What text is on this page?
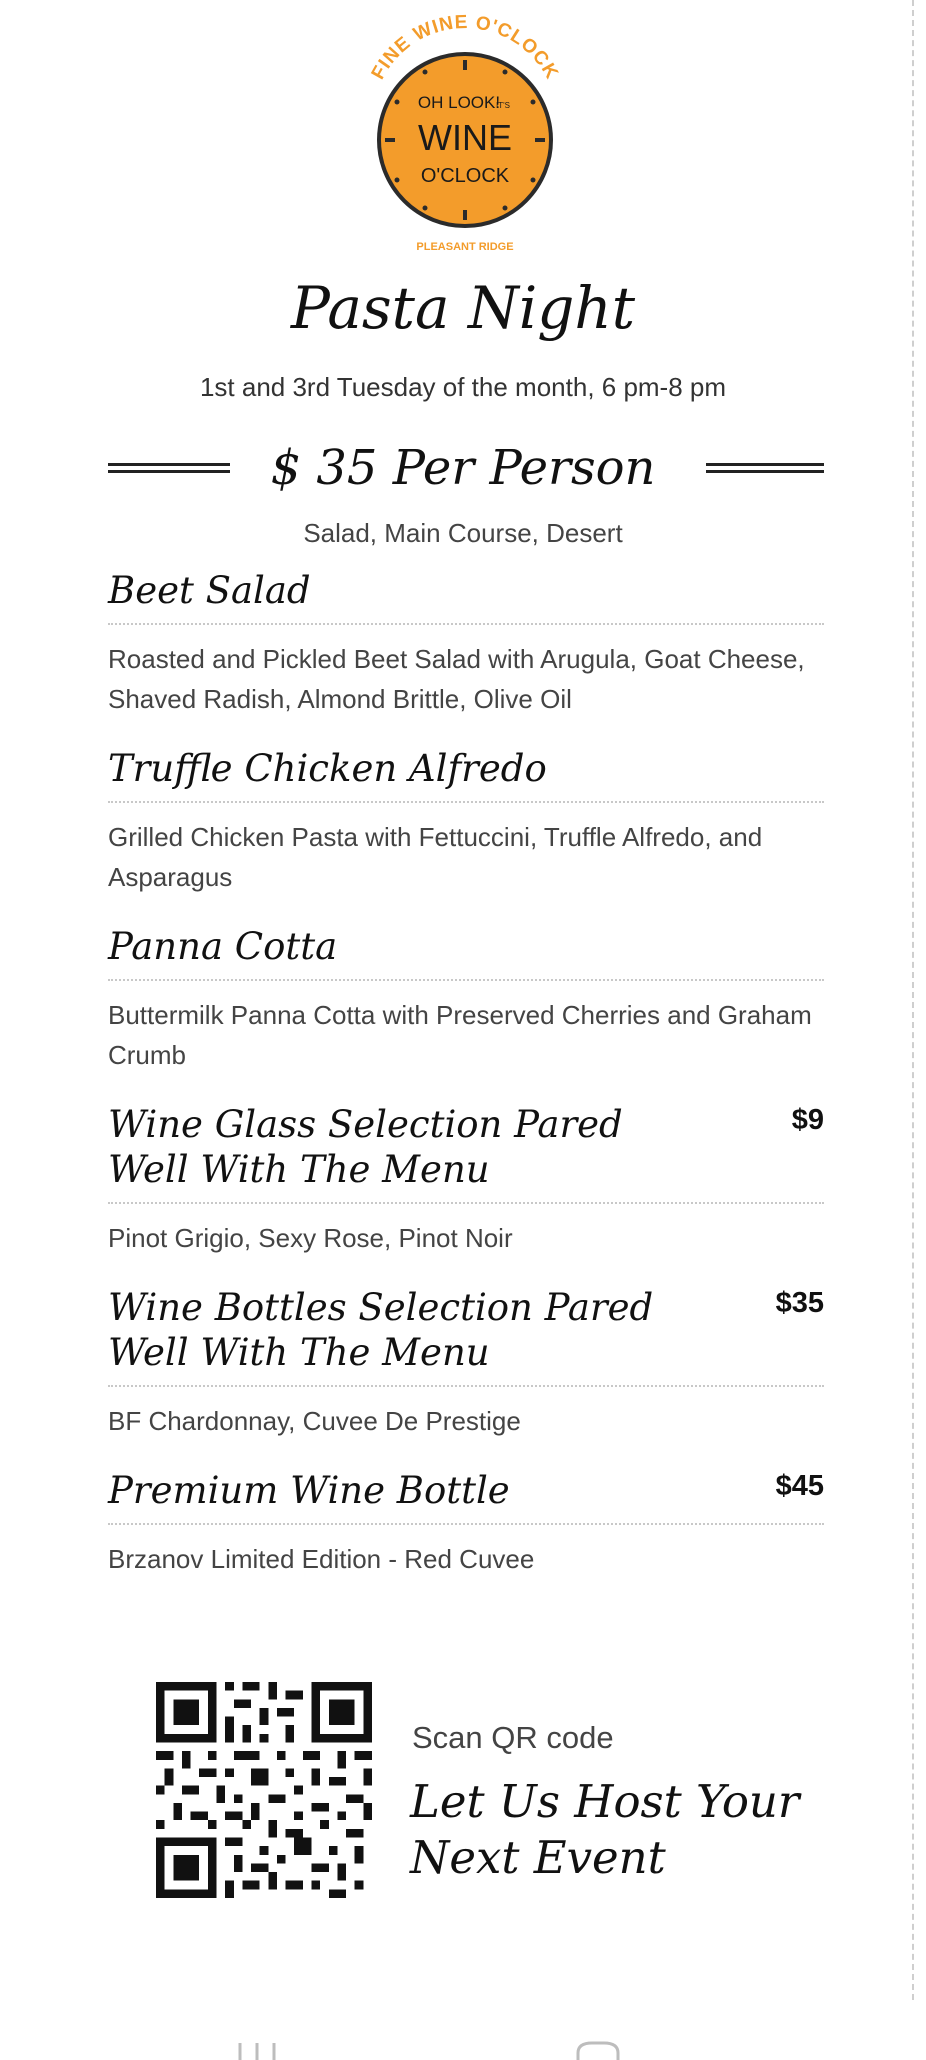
FINE WINE O'CLOCK
OH LOOK!
IT'S
WINE
O'CLOCK
PLEASANT RIDGE
Pasta Night
1st and 3rd Tuesday of the month, 6 pm-8 pm
$ 35 Per Person
Salad, Main Course, Desert
Beet Salad
Roasted and Pickled Beet Salad with Arugula, Goat Cheese, Shaved Radish, Almond Brittle, Olive Oil
Truffle Chicken Alfredo
Grilled Chicken Pasta with Fettuccini, Truffle Alfredo, and Asparagus
Panna Cotta
Buttermilk Panna Cotta with Preserved Cherries and Graham Crumb
Wine Glass Selection Pared Well With The Menu
$9
Pinot Grigio, Sexy Rose, Pinot Noir
Wine Bottles Selection Pared Well With The Menu
$35
BF Chardonnay, Cuvee De Prestige
Premium Wine Bottle	$45
Brzanov Limited Edition - Red Cuvee
Scan QR code
Let Us Host Your Next Event
